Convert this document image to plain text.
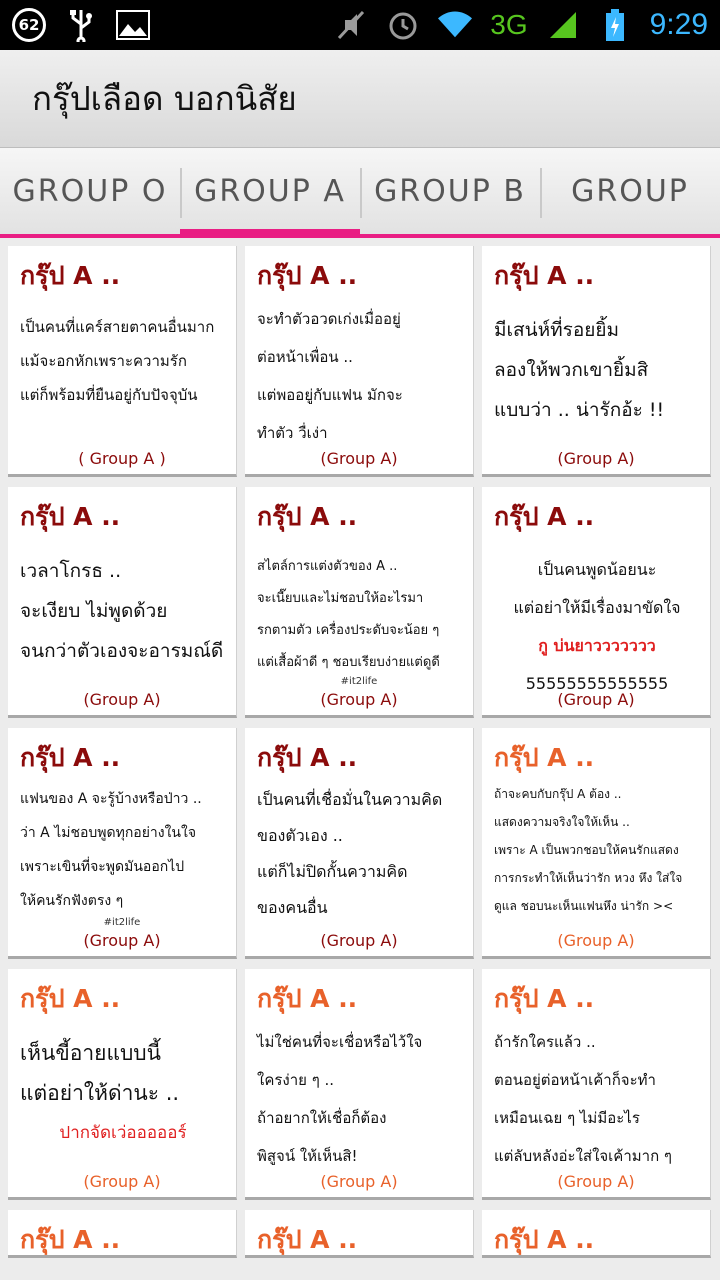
62	3G	9:29
กรุ๊ปเลือด บอกนิสัย
GROUP O GROUP A GROUP B	GROUP
กรุ๊ป A ..
เป็นคนที่แคร์สายตาคนอื่นมาก
แม้จะอกหักเพราะความรัก
แต่ก็พร้อมที่ยืนอยู่กับปัจจุบัน
( Group A )
กรุ๊ป A ..
จะทำตัวอวดเก่งเมื่ออยู่
ต่อหน้าเพื่อน ..
แต่พออยู่กับแฟน มักจะ
ทำตัว วื่เง่า
(Group A)
กรุ๊ป A ..
มีเสน่ห์ที่รอยยิ้ม
ลองให้พวกเขายิ้มสิ
แบบว่า .. น่ารักอ้ะ !!
(Group A)
กรุ๊ป A ..
เวลาโกรธ ..
จะเงียบ ไม่พูดด้วย
จนกว่าตัวเองจะอารมณ์ดี
(Group A)
กรุ๊ป A ..
สไตล์การแต่งตัวของ A ..
จะเนี๊ยบและไม่ชอบให้อะไรมา
รกตามตัว เครื่องประดับจะน้อย ๆ
แต่เสื้อผ้าดี ๆ ชอบเรียบง่ายแต่ดูดี
#it2life
(Group A)
กรุ๊ป A ..
เป็นคนพูดน้อยนะ
แต่อย่าให้มีเรื่องมาขัดใจ
กู บ่นยาววววววว
55555555555555
(Group A)
กรุ๊ป A ..
แฟนของ A จะรู้บ้างหรือป่าว ..
ว่า A ไม่ชอบพูดทุกอย่างในใจ
เพราะเขินที่จะพูดมันออกไป
ให้คนรักฟังตรง ๆ
#it2life
(Group A)
กรุ๊ป A ..
เป็นคนที่เชื่อมั่นในความคิด
ของตัวเอง ..
แต่ก็ไม่ปิดกั้นความคิด
ของคนอื่น
(Group A)
กรุ๊ป A ..
ถ้าจะคบกับกรุ๊ป A ต้อง ..
แสดงความจริงใจให้เห็น ..
เพราะ A เป็นพวกชอบให้คนรักแสดง
การกระทำให้เห็นว่ารัก หวง หึง ใส่ใจ
ดูแล ชอบนะเห็นแฟนหึง น่ารัก ><
(Group A)
กรุ๊ป A ..
เห็นขี้อายแบบนี้
แต่อย่าให้ด่านะ ..
ปากจัดเว่อออออร์
(Group A)
กรุ๊ป A ..
ไม่ใช่คนที่จะเชื่อหรือไว้ใจ
ใครง่าย ๆ ..
ถ้าอยากให้เชื่อก็ต้อง
พิสูจน์ ให้เห็นสิ!
(Group A)
กรุ๊ป A ..
ถ้ารักใครแล้ว ..
ตอนอยู่ต่อหน้าเค้าก็จะทำ
เหมือนเฉย ๆ ไม่มีอะไร
แต่ลับหลังอ่ะใส่ใจเค้ามาก ๆ
(Group A)
กรุ๊ป A ..	กรุ๊ป A ..	กรุ๊ป A ..
